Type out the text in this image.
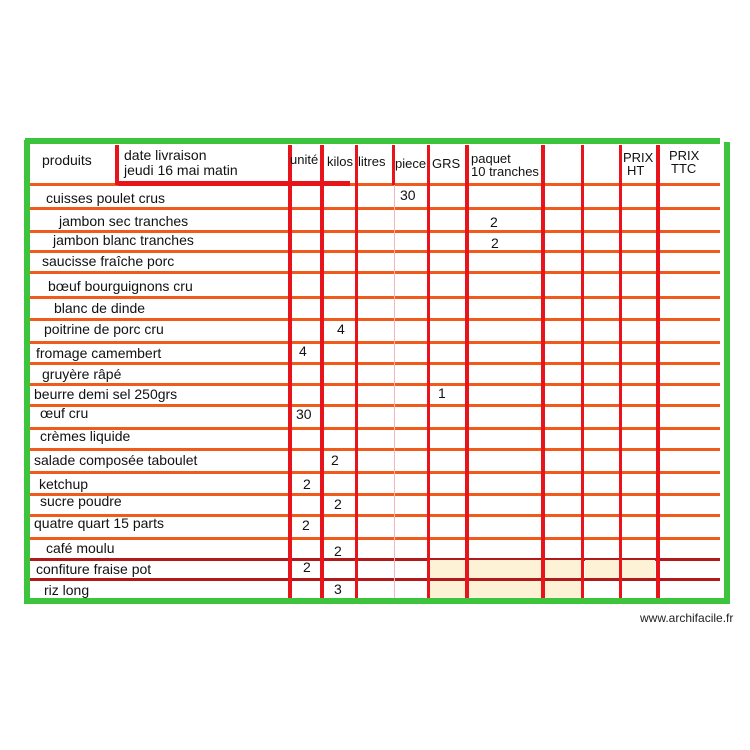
·
·
·
produits date livraison
jeudi 16 mai matin
unité kilos litres piece GRS paquet
10 tranches
PRIX
HT
PRIX
TTC
cuisses poulet crus
jambon sec tranches
jambon blanc tranches
saucisse fraîche porc
bœuf bourguignons cru
blanc de dinde
poitrine de porc cru
fromage camembert
gruyère râpé
beurre demi sel 250grs
œuf cru
crèmes liquide
salade composée taboulet
ketchup
sucre poudre
quatre quart 15 parts
café moulu
confiture fraise pot
riz long
30
2
2
4
4
1
30
2
2
2
2
2
2
3
www.archifacile.fr
